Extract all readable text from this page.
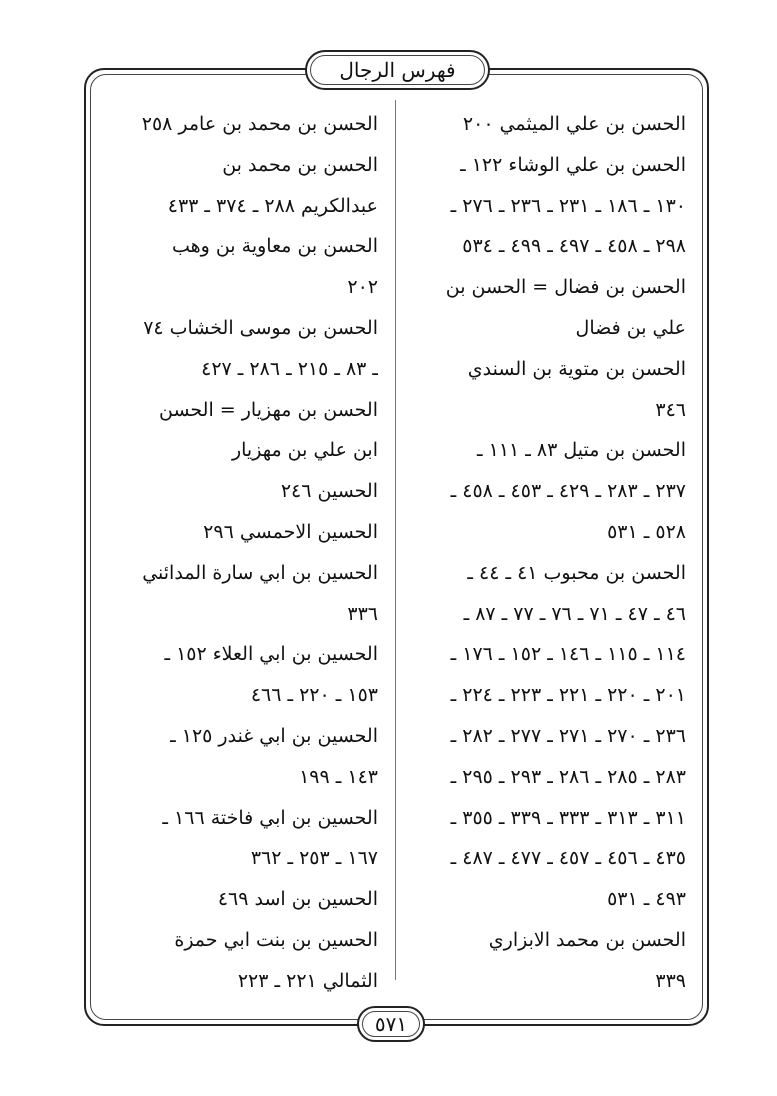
فهرس الرجال
الحسن بن علي الميثمي ٢٠٠
الحسن بن علي الوشاء ١٢٢ ـ
١٣٠ ـ ١٨٦ ـ ٢٣١ ـ ٢٣٦ ـ ٢٧٦ ـ
٢٩٨ ـ ٤٥٨ ـ ٤٩٧ ـ ٤٩٩ ـ ٥٣٤
الحسن بن فضال = الحسن بن
علي بن فضال
الحسن بن متوية بن السندي
٣٤٦
الحسن بن متيل ٨٣ ـ ١١١ ـ
٢٣٧ ـ ٢٨٣ ـ ٤٢٩ ـ ٤٥٣ ـ ٤٥٨ ـ
٥٢٨ ـ ٥٣١
الحسن بن محبوب ٤١ ـ ٤٤ ـ
٤٦ ـ ٤٧ ـ ٧١ ـ ٧٦ ـ ٧٧ ـ ٨٧ ـ
١١٤ ـ ١١٥ ـ ١٤٦ ـ ١٥٢ ـ ١٧٦ ـ
٢٠١ ـ ٢٢٠ ـ ٢٢١ ـ ٢٢٣ ـ ٢٢٤ ـ
٢٣٦ ـ ٢٧٠ ـ ٢٧١ ـ ٢٧٧ ـ ٢٨٢ ـ
٢٨٣ ـ ٢٨٥ ـ ٢٨٦ ـ ٢٩٣ ـ ٢٩٥ ـ
٣١١ ـ ٣١٣ ـ ٣٣٣ ـ ٣٣٩ ـ ٣٥٥ ـ
٤٣٥ ـ ٤٥٦ ـ ٤٥٧ ـ ٤٧٧ ـ ٤٨٧ ـ
٤٩٣ ـ ٥٣١
الحسن بن محمد الابزاري
٣٣٩
الحسن بن محمد بن عامر ٢٥٨
الحسن بن محمد بن
عبدالكريم ٢٨٨ ـ ٣٧٤ ـ ٤٣٣
الحسن بن معاوية بن وهب
٢٠٢
الحسن بن موسى الخشاب ٧٤
ـ ٨٣ ـ ٢١٥ ـ ٢٨٦ ـ ٤٢٧
الحسن بن مهزيار = الحسن
ابن علي بن مهزيار
الحسين ٢٤٦
الحسين الاحمسي ٢٩٦
الحسين بن ابي سارة المدائني
٣٣٦
الحسين بن ابي العلاء ١٥٢ ـ
١٥٣ ـ ٢٢٠ ـ ٤٦٦
الحسين بن ابي غندر ١٢٥ ـ
١٤٣ ـ ١٩٩
الحسين بن ابي فاختة ١٦٦ ـ
١٦٧ ـ ٢٥٣ ـ ٣٦٢
الحسين بن اسد ٤٦٩
الحسين بن بنت ابي حمزة
الثمالي ٢٢١ ـ ٢٢٣
٥٧١
